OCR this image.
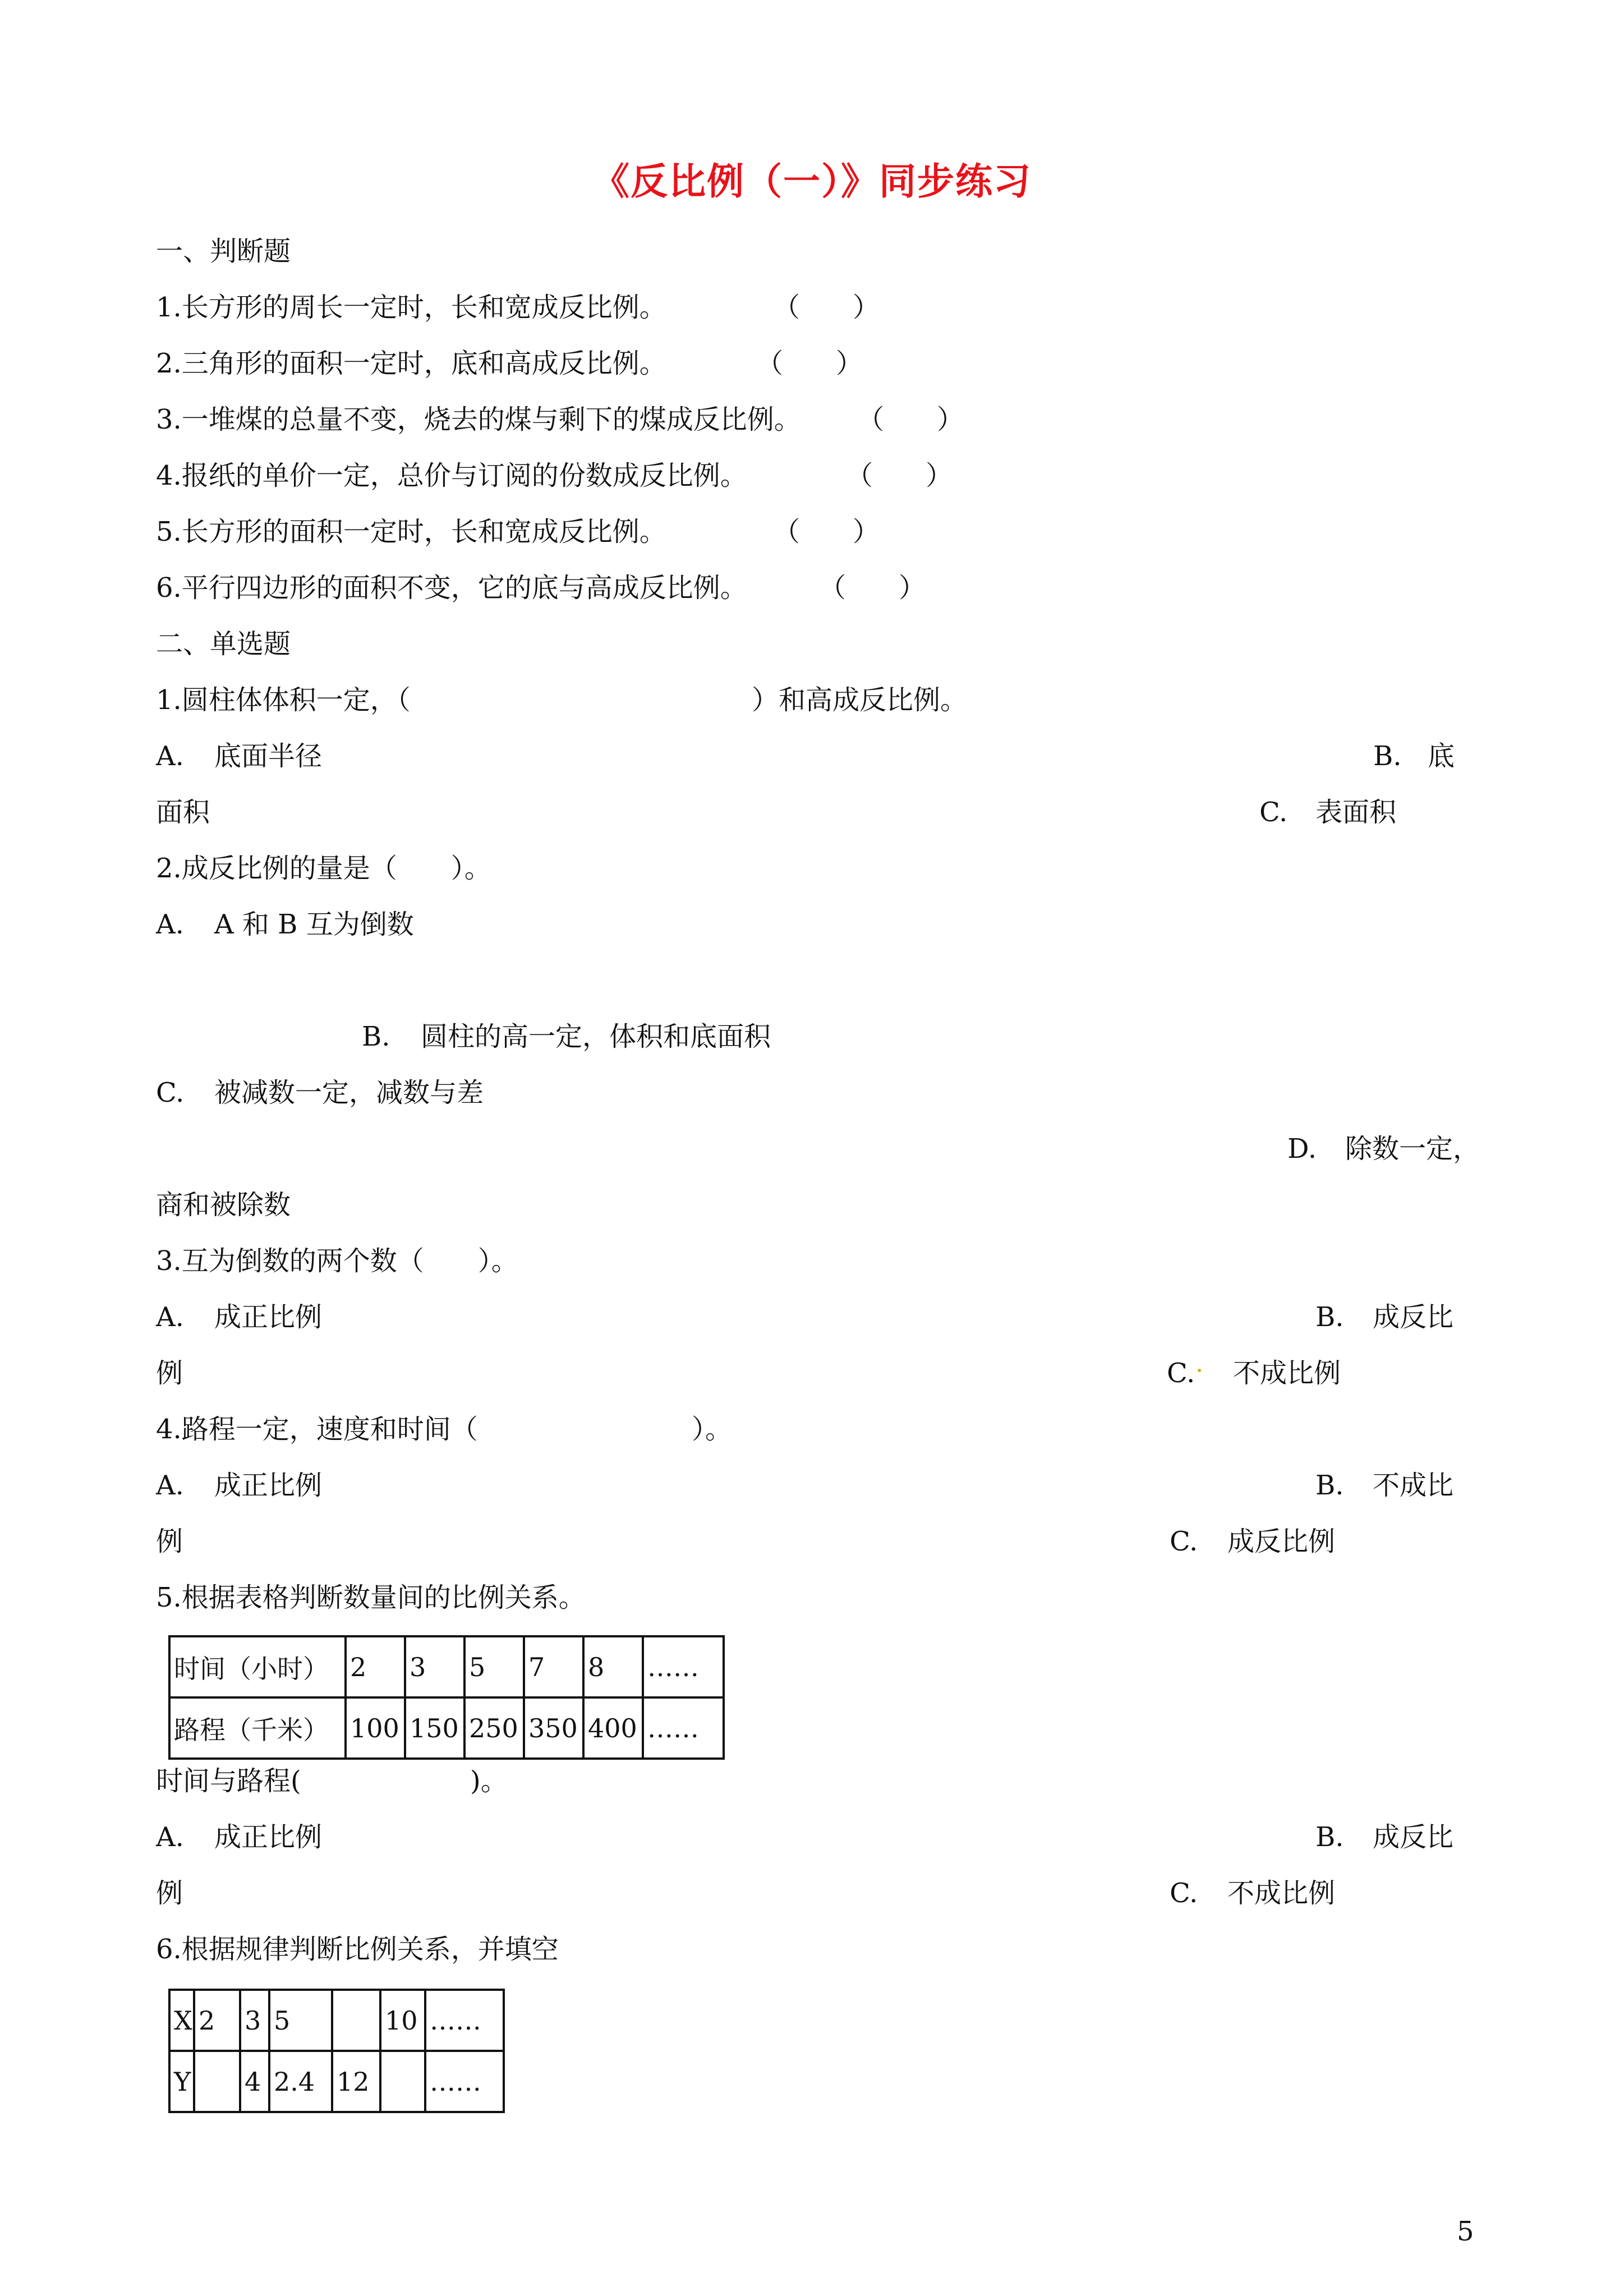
《反比例（一）》同步练习
一、判断题
1.长方形的周长一定时，长和宽成反比例。	（ ）
2.三角形的面积一定时，底和高成反比例。	（ ）
3.一堆煤的总量不变，烧去的煤与剩下的煤成反比例。 （ ）
4.报纸的单价一定，总价与订阅的份数成反比例。	（ ）
5.长方形的面积一定时，长和宽成反比例。	（ ）
6.平行四边形的面积不变，它的底与高成反比例。	（ ）
二、单选题
1.圆柱体体积一定，（	）和高成反比例。
A. 底面半径	B. 底
面积	C. 表面积
2.成反比例的量是（　　）。
A. A 和 B 互为倒数
B. 圆柱的高一定，体积和底面积
C. 被减数一定，减数与差
D. 除数一定，
商和被除数
3.互为倒数的两个数（　　）。
A. 成正比例	B. 成反比
例	C. 不成比例
4.路程一定，速度和时间（	）。
A. 成正比例	B. 不成比
例	C. 成反比例
5.根据表格判断数量间的比例关系。
时间（小时）	2	3	5	7	8	……
路程（千米）	100	150	250	350	400	……
时间与路程(	)。
A. 成正比例	B. 成反比
例	C. 不成比例
6.根据规律判断比例关系，并填空
X	2	3	5		10	……
Y		4	2.4	12		……
5
